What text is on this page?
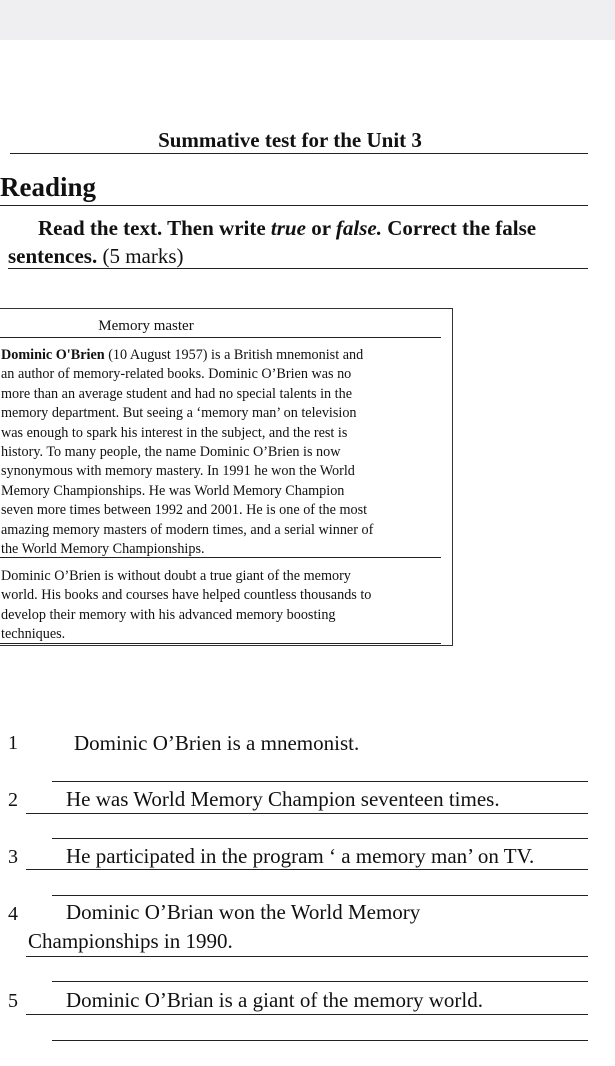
Summative test for the Unit 3
Reading
Read the text. Then write true or false. Correct the false
sentences. (5 marks)
Memory master
Dominic O'Brien (10 August 1957) is a British mnemonist and
an author of memory-related books. Dominic O’Brien was no
more than an average student and had no special talents in the
memory department. But seeing a ‘memory man’ on television
was enough to spark his interest in the subject, and the rest is
history. To many people, the name Dominic O’Brien is now
synonymous with memory mastery. In 1991 he won the World
Memory Championships. He was World Memory Champion
seven more times between 1992 and 2001. He is one of the most
amazing memory masters of modern times, and a serial winner of
the World Memory Championships.
Dominic O’Brien is without doubt a true giant of the memory
world. His books and courses have helped countless thousands to
develop their memory with his advanced memory boosting
techniques.
1	Dominic O’Brien is a mnemonist.
2 He was World Memory Champion seventeen times.
3 He participated in the program ‘ a memory man’ on TV.
4 Dominic O’Brian won the World Memory
Championships in 1990.
5 Dominic O’Brian is a giant of the memory world.
